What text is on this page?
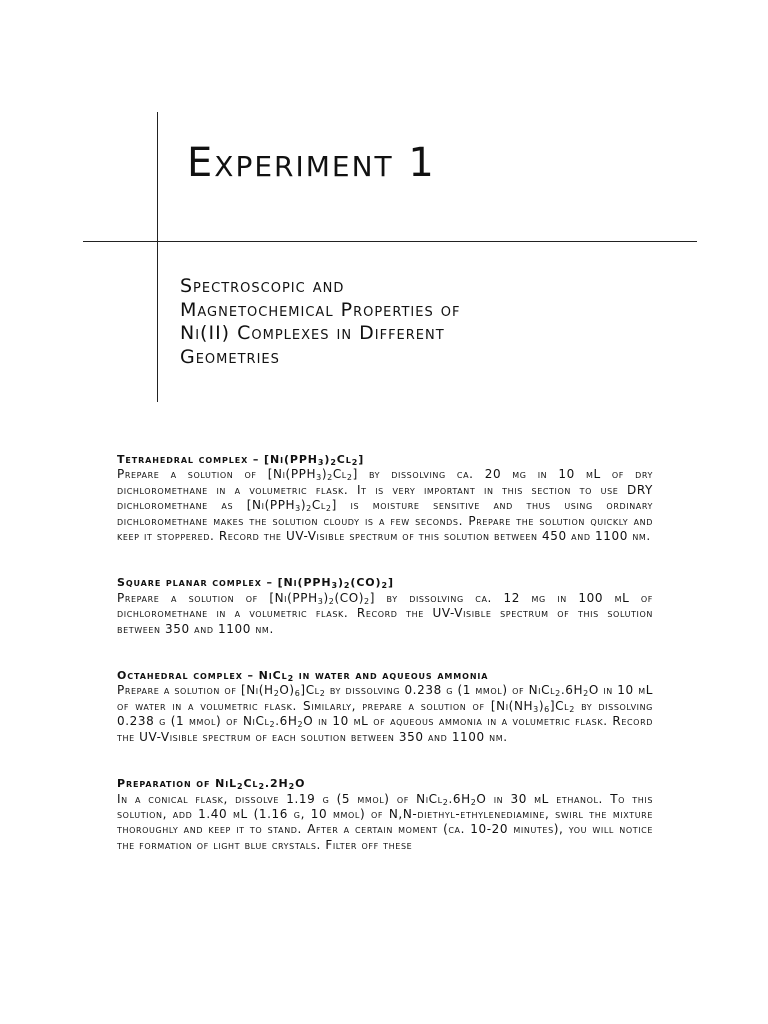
Experiment 1
Spectroscopic and
Magnetochemical Properties of
Ni(II) Complexes in Different
Geometries

Tetrahedral complex – $[Ni(PPH_3)_2Cl_2]$

Prepare a solution of $[Ni(PPH_3)_2Cl_2]$ by dissolving ca. 20 mg in 10 mL of dry dichloromethane in a volumetric flask. It is very important in this section to use DRY dichloromethane as $[Ni(PPH_3)_2Cl_2]$ is moisture sensitive and thus using ordinary dichloromethane makes the solution cloudy is a few seconds. Prepare the solution quickly and keep it stoppered. Record the UV-Visible spectrum of this solution between 450 and 1100 nm.

Square planar complex – $[Ni(PPH_3)_2(CO)_2]$

Prepare a solution of $[Ni(PPH_3)_2(CO)_2]$ by dissolving ca. 12 mg in 100 mL of dichloromethane in a volumetric flask. Record the UV-Visible spectrum of this solution between 350 and 1100 nm.

Octahedral complex – NiCl$_2$ in water and aqueous ammonia

Prepare a solution of $[Ni(H_2O)_6]Cl_2$ by dissolving 0.238 g (1 mmol) of $NiCl_2.6H_2O$ in 10 mL of water in a volumetric flask. Similarly, prepare a solution of $[Ni(NH_3)_6]Cl_2$ by dissolving 0.238 g (1 mmol) of $NiCl_2.6H_2O$ in 10 mL of aqueous ammonia in a volumetric flask. Record the UV-Visible spectrum of each solution between 350 and 1100 nm.

Preparation of $NiL_2Cl_2.2H_2O$

In a conical flask, dissolve 1.19 g (5 mmol) of $NiCl_2.6H_2O$ in 30 mL ethanol. To this solution, add 1.40 mL (1.16 g, 10 mmol) of N,N-diethyl-ethylenediamine, swirl the mixture thoroughly and keep it to stand. After a certain moment (ca. 10-20 minutes), you will notice the formation of light blue crystals. Filter off these
